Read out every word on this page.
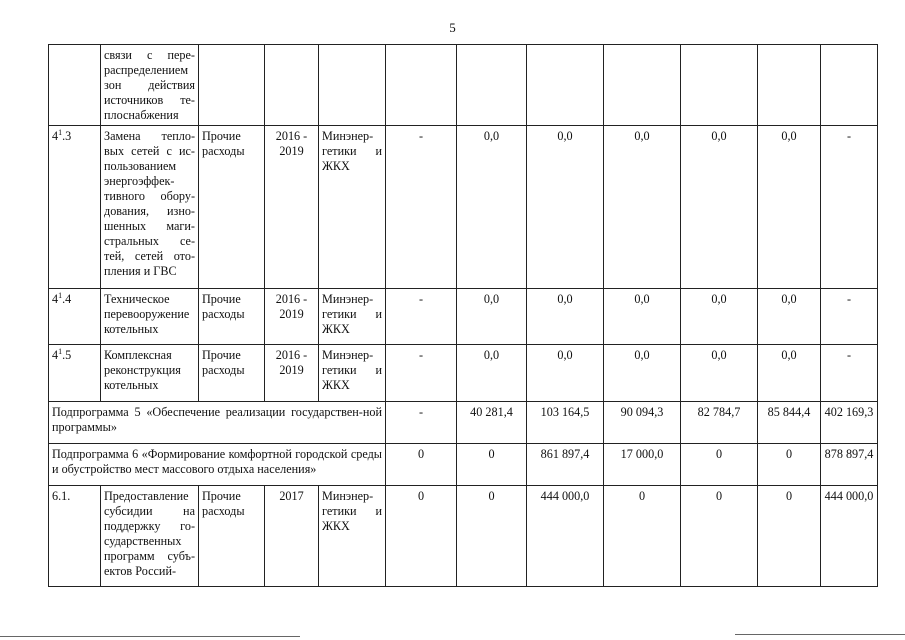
5
	связи с пере-распределением зон действия источников те-плоснабжения										
$4^1.3$	Замена тепло-вых сетей с ис-пользованием энергоэффек-тивного обору-дования, изно-шенных маги-стральных се-тей, сетей ото-пления и ГВС	Прочие расходы	2016 - 2019	Минэнер-гетики и ЖКХ	-	0,0	0,0	0,0	0,0	0,0	-
$4^1.4$	Техническое перевооружение котельных	Прочие расходы	2016 - 2019	Минэнер-гетики и ЖКХ	-	0,0	0,0	0,0	0,0	0,0	-
$4^1.5$	Комплексная реконструкция котельных	Прочие расходы	2016 - 2019	Минэнер-гетики и ЖКХ	-	0,0	0,0	0,0	0,0	0,0	-
Подпрограмма 5 «Обеспечение реализации государствен-ной программы»					-	40 281,4	103 164,5	90 094,3	82 784,7	85 844,4	402 169,3
Подпрограмма 6 «Формирование комфортной городской среды и обустройство мест массового отдыха населения»					0	0	861 897,4	17 000,0	0	0	878 897,4
6.1.	Предоставление субсидии на поддержку го-сударственных программ субъ-ектов Россий-	Прочие расходы	2017	Минэнер-гетики и ЖКХ	0	0	444 000,0	0	0	0	444 000,0
